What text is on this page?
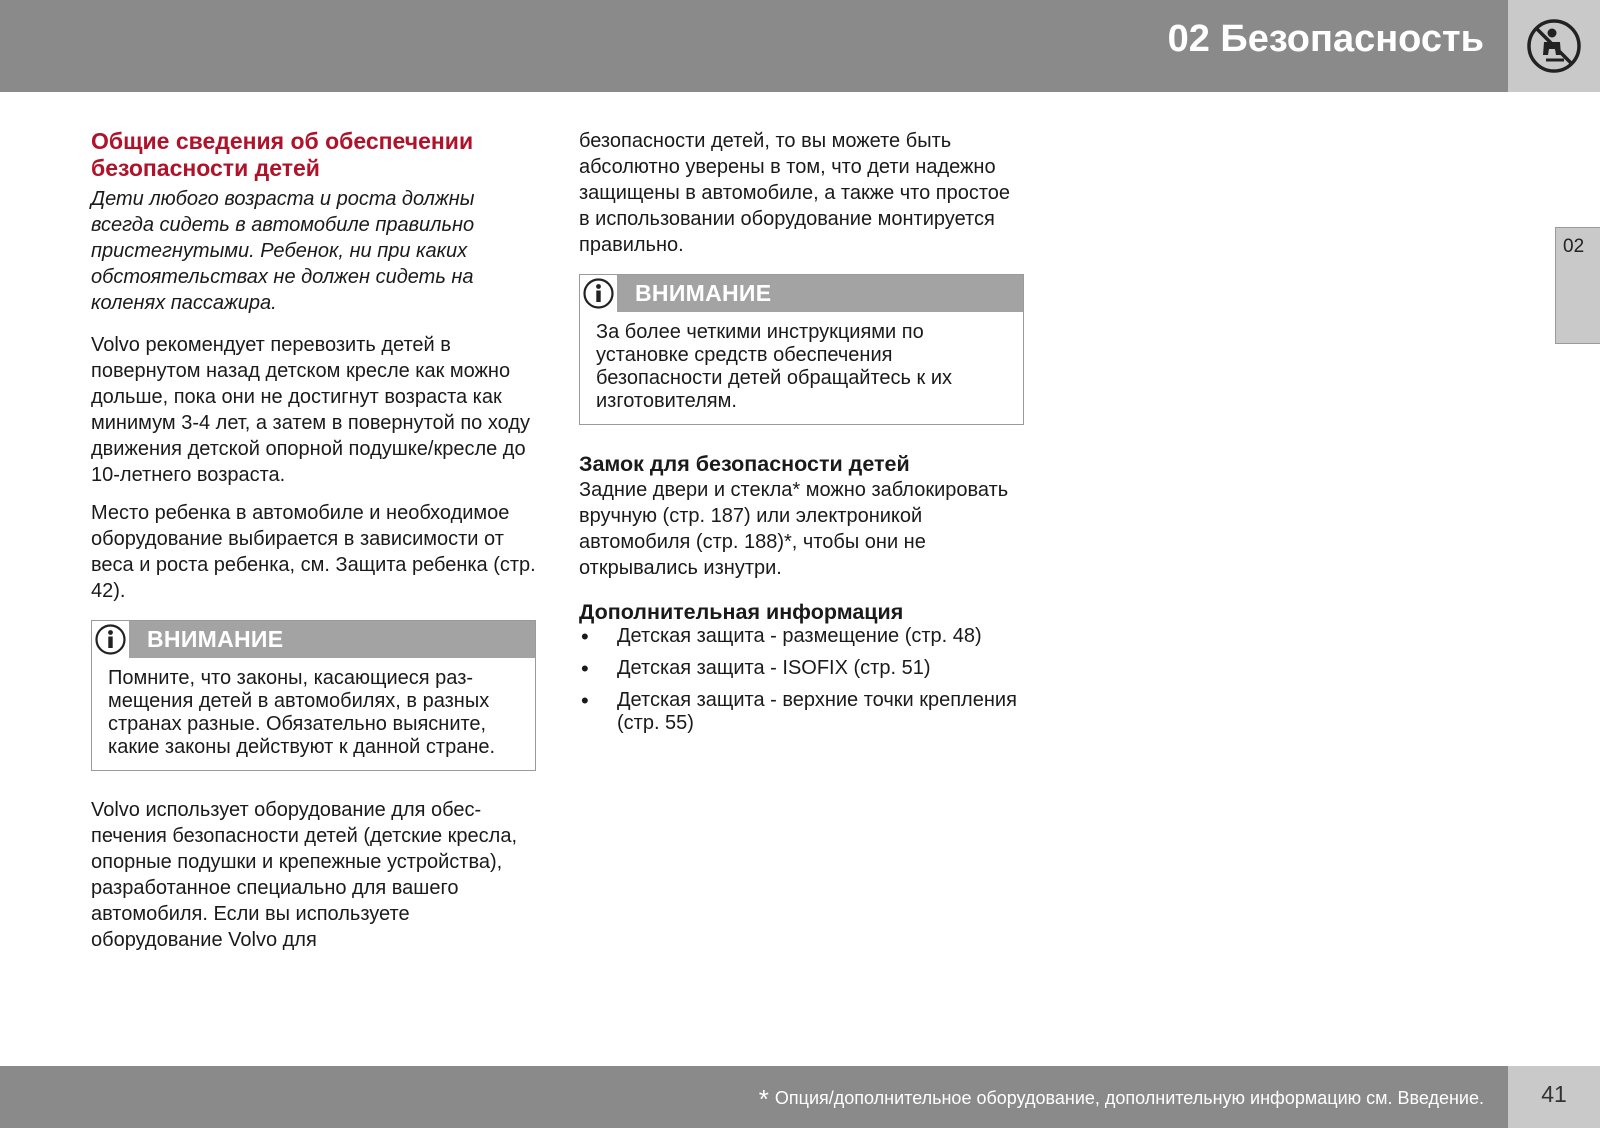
02 Безопасность
02
Общие сведения об обеспечении
безопасности детей

Дети любого возраста и роста должны всегда сидеть в автомобиле правильно пристегнутыми. Ребенок, ни при каких обстоятельствах не должен сидеть на коленях пассажира.

Volvo рекомендует перевозить детей в повернутом назад детском кресле как можно дольше, пока они не достигнут возраста как минимум 3-4 лет, а затем в повернутой по ходу движения детской опорной подушке/кресле до 10-летнего возраста.

Место ребенка в автомобиле и необходимое оборудование выбирается в зависимости от веса и роста ребенка, см. Защита ребенка (стр. 42).

ВНИМАНИЕ
Помните, что законы, касающиеся размещения детей в автомобилях, в разных странах разные. Обязательно выясните, какие законы действуют к данной стране.

Volvo использует оборудование для обеспечения безопасности детей (детские кресла, опорные подушки и крепежные устройства), разработанное специально для вашего автомобиля. Если вы используете оборудование Volvo для

безопасности детей, то вы можете быть абсолютно уверены в том, что дети надежно защищены в автомобиле, а также что простое в использовании оборудование монтируется правильно.

ВНИМАНИЕ
За более четкими инструкциями по установке средств обеспечения безопасности детей обращайтесь к их изготовителям.
Замок для безопасности детей

Задние двери и стекла* можно заблокировать вручную (стр. 187) или электроникой автомобиля (стр. 188)*, чтобы они не открывались изнутри.

Дополнительная информация
• Детская защита - размещение (стр. 48)
• Детская защита - ISOFIX (стр. 51)
• Детская защита - верхние точки крепления (стр. 55)
* Опция/дополнительное оборудование, дополнительную информацию см. Введение.	41
